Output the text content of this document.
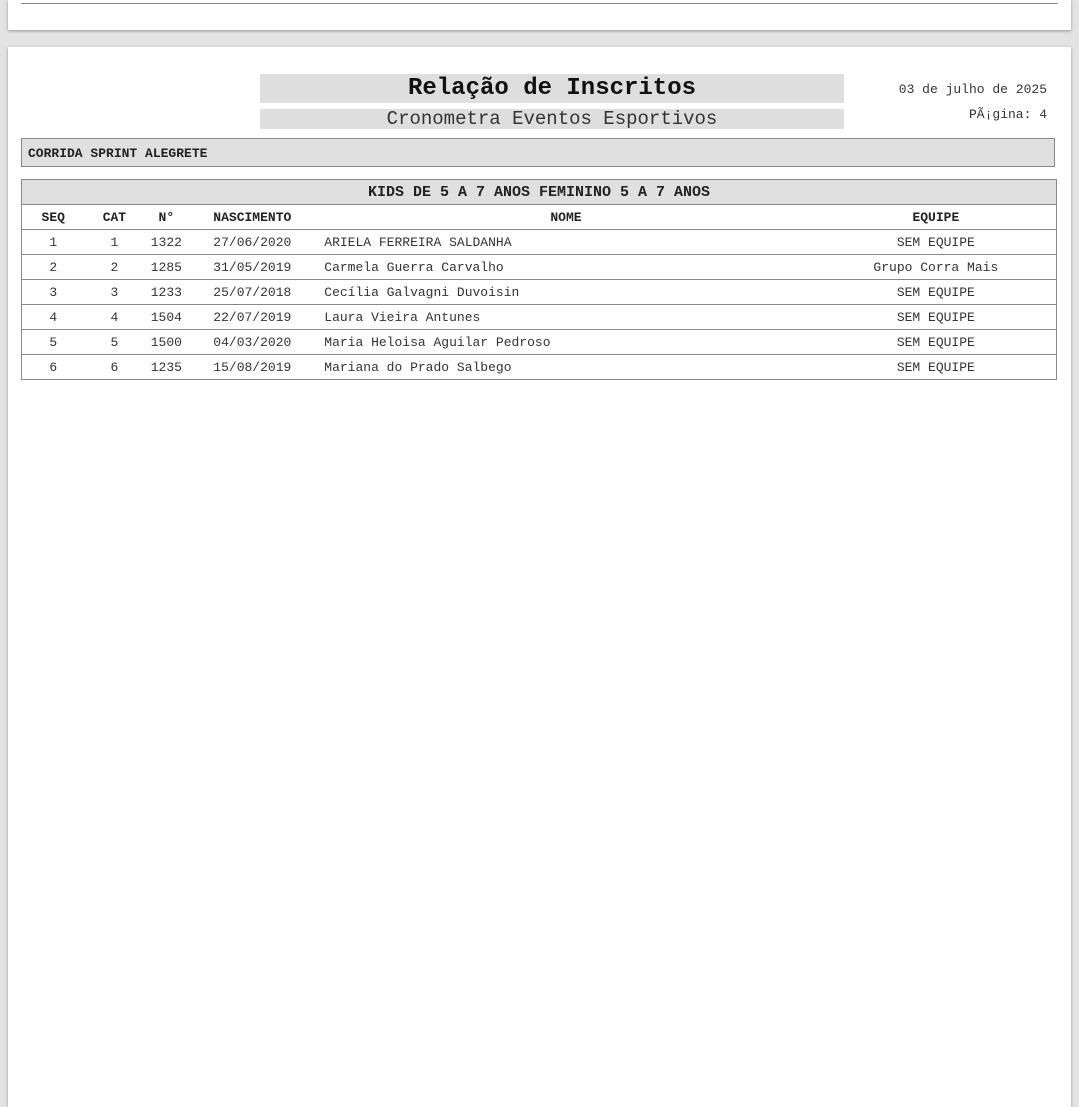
Relação de Inscritos
Cronometra Eventos Esportivos
03 de julho de 2025
PÃ¡gina: 4
CORRIDA SPRINT ALEGRETE
KIDS DE 5 A 7 ANOS FEMININO 5 A 7 ANOS					
SEQ	CAT	N°	NASCIMENTO	NOME	EQUIPE
1	1	1322	27/06/2020	ARIELA FERREIRA SALDANHA	SEM EQUIPE
2	2	1285	31/05/2019	Carmela Guerra Carvalho	Grupo Corra Mais
3	3	1233	25/07/2018	Cecília Galvagni Duvoisin	SEM EQUIPE
4	4	1504	22/07/2019	Laura Vieira Antunes	SEM EQUIPE
5	5	1500	04/03/2020	Maria Heloisa Aguilar Pedroso	SEM EQUIPE
6	6	1235	15/08/2019	Mariana do Prado Salbego	SEM EQUIPE
